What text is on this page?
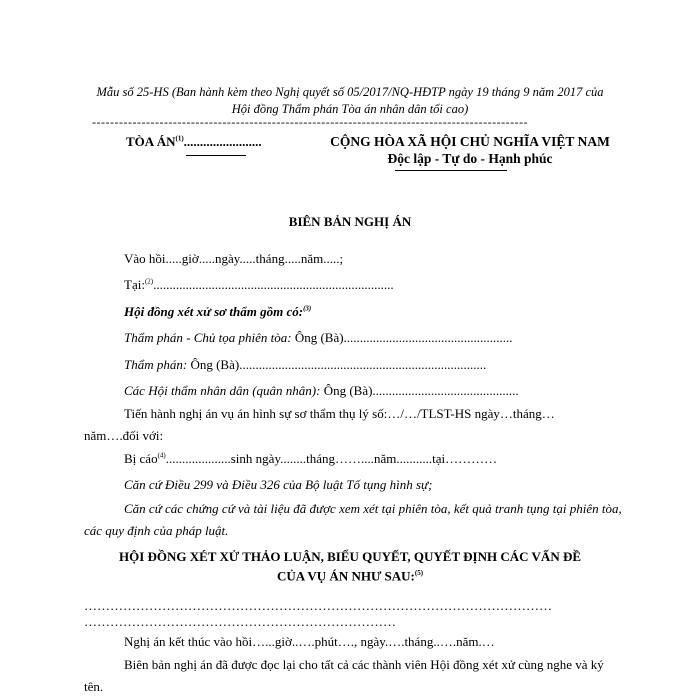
Mẫu số 25-HS (Ban hành kèm theo Nghị quyết số 05/2017/NQ-HĐTP ngày 19 tháng 9 năm 2017 của
Hội đồng Thẩm phán Tòa án nhân dân tối cao)
-------------------------------------------------------------------------------------------------
TÒA ÁN$^{(1)}$........................	CỘNG HÒA XÃ HỘI CHỦ NGHĨA VIỆT NAM
Độc lập - Tự do - Hạnh phúc
BIÊN BẢN NGHỊ ÁN
Vào hồi.....giờ.....ngày.....tháng.....năm.....;
Tại:$^{(2)}$..........................................................................
Hội đồng xét xử sơ thẩm gồm có:$^{(3)}$
Thẩm phán - Chủ tọa phiên tòa: Ông (Bà)....................................................
Thẩm phán: Ông (Bà)............................................................................
Các Hội thẩm nhân dân (quân nhân): Ông (Bà).............................................
Tiến hành nghị án vụ án hình sự sơ thẩm thụ lý số:…/…/TLST-HS ngày…tháng… năm….đối với:
Bị cáo$^{(4)}$....................sinh ngày........tháng……....năm...........tại…………
Căn cứ Điều 299 và Điều 326 của Bộ luật Tố tụng hình sự;
Căn cứ các chứng cứ và tài liệu đã được xem xét tại phiên tòa, kết quả tranh tụng tại phiên tòa, các quy định của pháp luật.
HỘI ĐỒNG XÉT XỬ THẢO LUẬN, BIỂU QUYẾT, QUYẾT ĐỊNH CÁC VẤN ĐỀ
CỦA VỤ ÁN NHƯ SAU:$^{(5)}$
………………………………………………………………………………………………
………………………………………………………………
Nghị án kết thúc vào hồi…...giờ..….phút…., ngày.….tháng..….năm.…
Biên bản nghị án đã được đọc lại cho tất cả các thành viên Hội đồng xét xử cùng nghe và ký tên.
